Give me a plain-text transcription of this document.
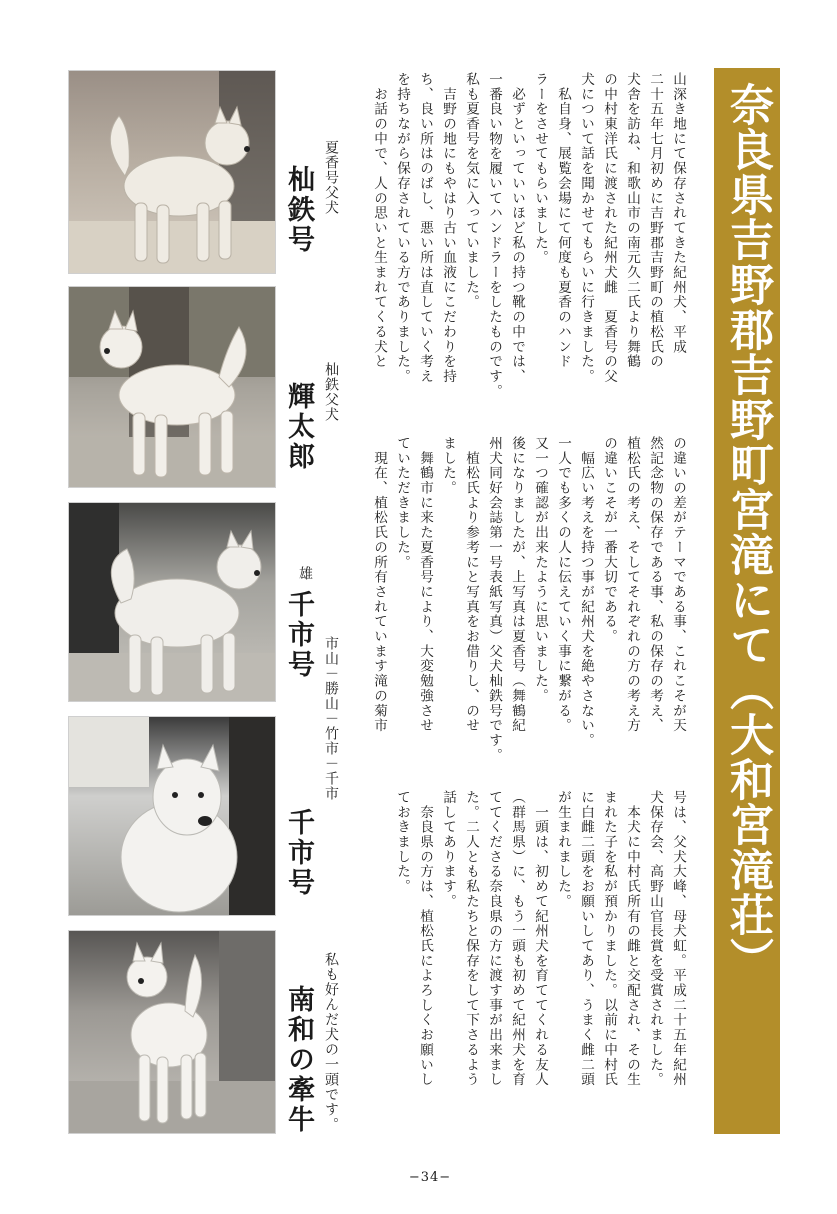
奈良県吉野郡吉野町宮滝にて
（大和宮滝荘）
山深き地にて保存されてきた紀州犬、平成
二十五年七月初めに吉野郡吉野町の植松氏の
犬舎を訪ね、和歌山市の南元久二氏より舞鶴
の中村東洋氏に渡された紀州犬雌　夏香号の父
犬について話を聞かせてもらいに行きました。
　私自身、展覧会場にて何度も夏香のハンド
ラーをさせてもらいました。
　必ずといっていいほど私の持つ靴の中では、
一番良い物を履いてハンドラーをしたものです。
私も夏香号を気に入っていました。
　吉野の地にもやはり古い血液にこだわりを持
ち、良い所はのばし、悪い所は直していく考え
を持ちながら保存されている方でありました。
　お話の中で、人の思いと生まれてくる犬と
の違いの差がテーマである事、これこそが天
然記念物の保存である事、私の保存の考え、
植松氏の考え、そしてそれぞれの方の考え方
の違いこそが一番大切である。
　幅広い考えを持つ事が紀州犬を絶やさない。
一人でも多くの人に伝えていく事に繋がる。
又一つ確認が出来たように思いました。
後になりましたが、上写真は夏香号（舞鶴紀
州犬同好会誌第一号表紙写真）父犬杣鉄号です。
　植松氏より参考にと写真をお借りし、のせ
ました。
　舞鶴市に来た夏香号により、大変勉強させ
ていただきました。
　現在、植松氏の所有されています滝の菊市
号は、父犬大峰、母犬虹。平成二十五年紀州
犬保存会、高野山官長賞を受賞されました。
　本犬に中村氏所有の雌と交配され、その生
まれた子を私が預かりました。以前に中村氏
に白雌二頭をお願いしてあり、うまく雌二頭
が生まれました。
　一頭は、初めて紀州犬を育ててくれる友人
（群馬県）に、もう一頭も初めて紀州犬を育
ててくださる奈良県の方に渡す事が出来まし
た。二人とも私たちと保存をして下さるよう
話してあります。
　奈良県の方は、植松氏によろしくお願いし
ておきました。
夏香号父犬
杣鉄号
杣鉄父犬
輝太郎
雄
千市号
市山－勝山－竹市－千市
千市号
私も好んだ犬の一頭です。
南和の牽牛
−34−
